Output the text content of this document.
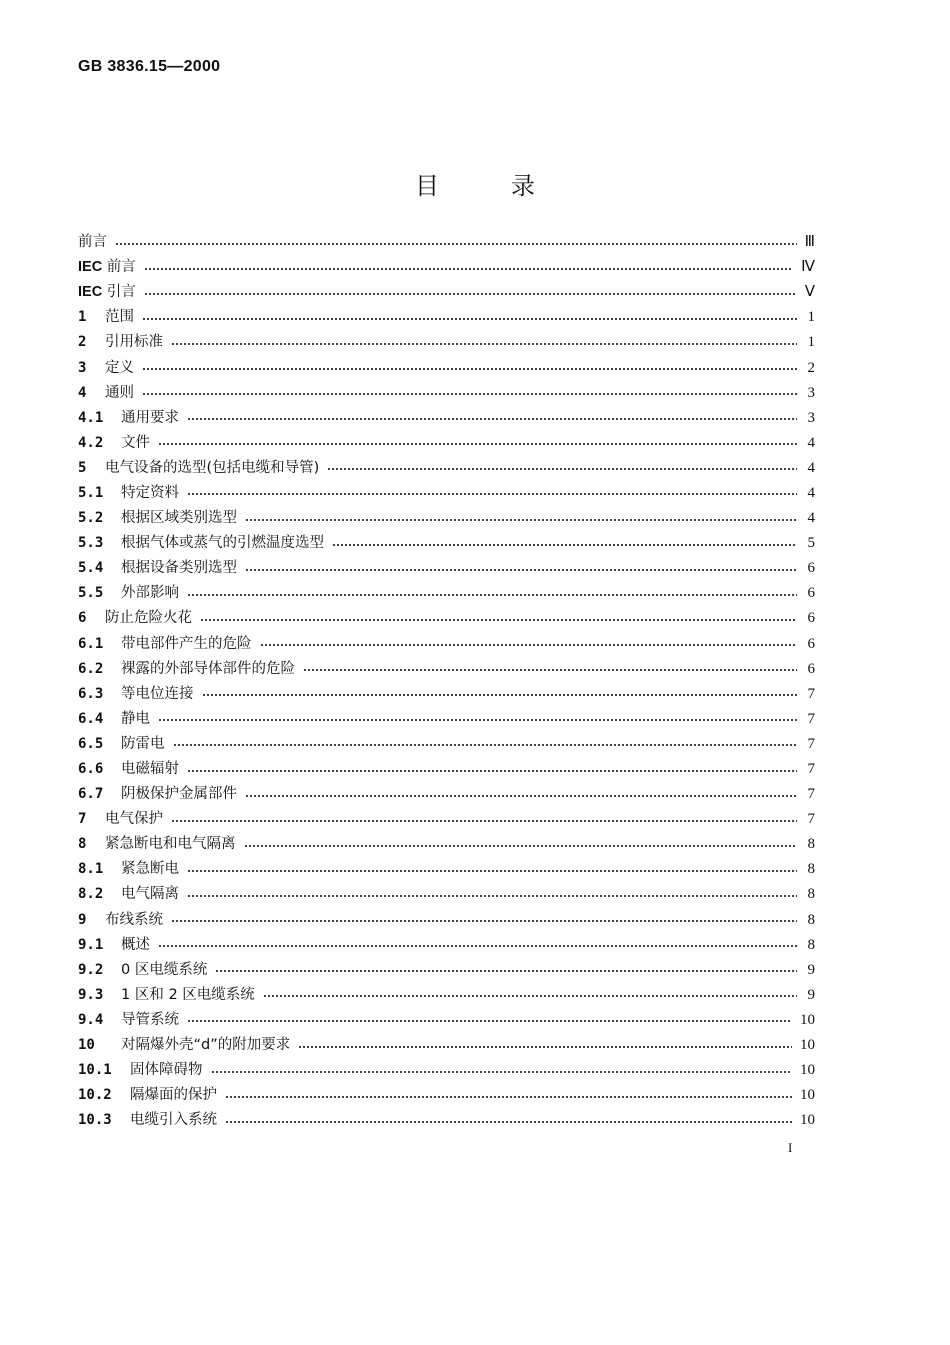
GB 3836.15—2000
目录
前言	Ⅲ
IEC 前言	Ⅳ
IEC 引言	Ⅴ
1	范围	1
2	引用标准	1
3	定义	2
4	通则	3
4.1	通用要求	3
4.2	文件	4
5	电气设备的选型(包括电缆和导管)	4
5.1	特定资料	4
5.2	根据区域类别选型	4
5.3	根据气体或蒸气的引燃温度选型	5
5.4	根据设备类别选型	6
5.5	外部影响	6
6	防止危险火花	6
6.1	带电部件产生的危险	6
6.2	裸露的外部导体部件的危险	6
6.3	等电位连接	7
6.4	静电	7
6.5	防雷电	7
6.6	电磁辐射	7
6.7	阴极保护金属部件	7
7	电气保护	7
8	紧急断电和电气隔离	8
8.1	紧急断电	8
8.2	电气隔离	8
9	布线系统	8
9.1	概述	8
9.2	0 区电缆系统	9
9.3	1 区和 2 区电缆系统	9
9.4	导管系统	10
10	对隔爆外壳“d”的附加要求	10
10.1	固体障碍物	10
10.2	隔爆面的保护	10
10.3	电缆引入系统	10
I
